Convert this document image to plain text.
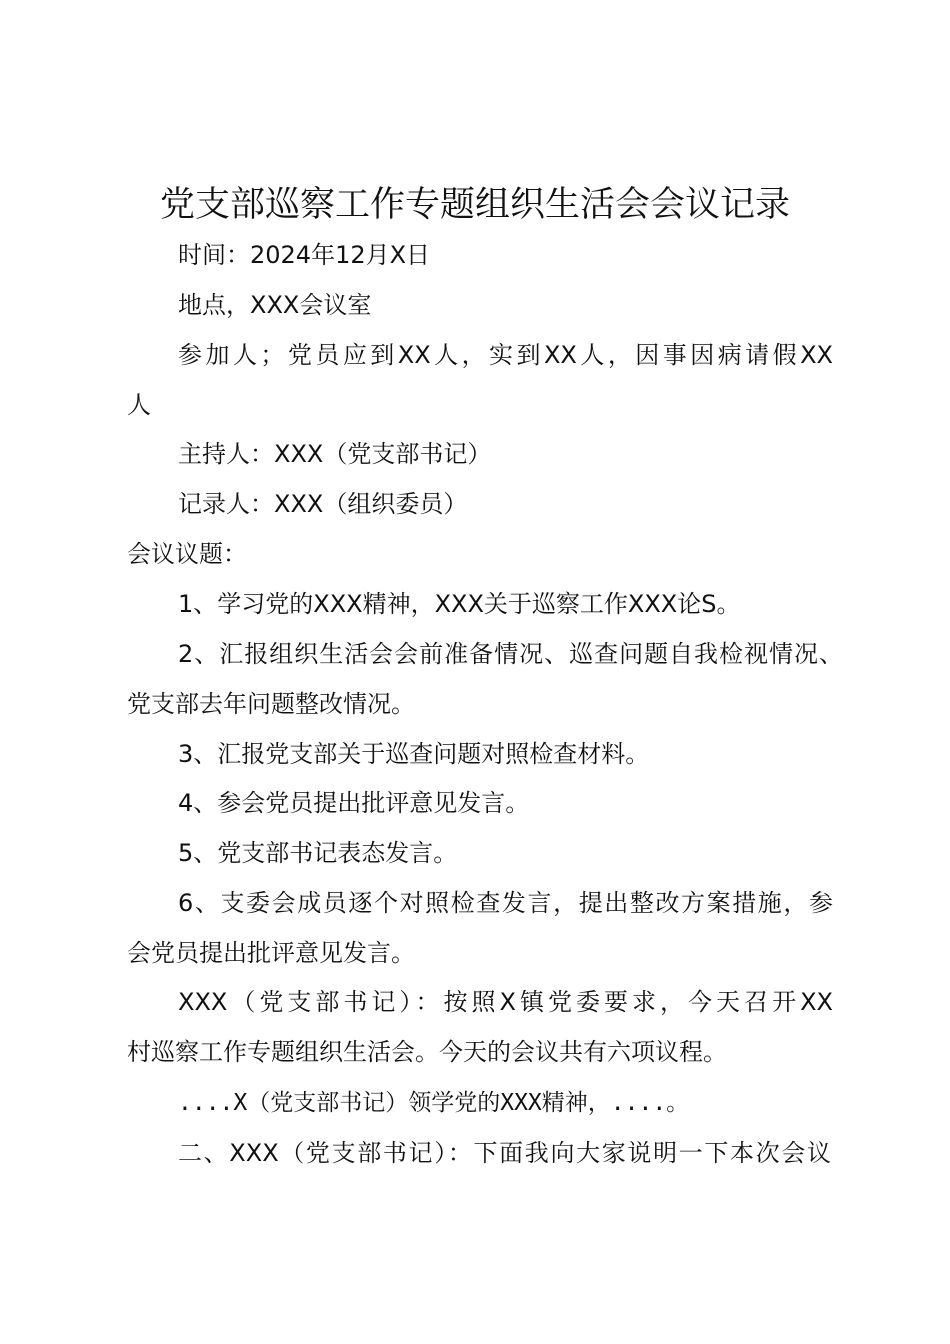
党支部巡察工作专题组织生活会会议记录
时间：2024年12月X日
地点，XXX会议室
参加人；党员应到XX人，实到XX人，因事因病请假XX
人
主持人：XXX（党支部书记）
记录人：XXX（组织委员）
会议议题：
1、学习党的XXX精神，XXX关于巡察工作XXX论S。
2、汇报组织生活会会前准备情况、巡查问题自我检视情况、
党支部去年问题整改情况。
3、汇报党支部关于巡查问题对照检查材料。
4、参会党员提出批评意见发言。
5、党支部书记表态发言。
6、支委会成员逐个对照检查发言，提出整改方案措施，参
会党员提出批评意见发言。
XXX（党支部书记）：按照X镇党委要求，今天召开XX
村巡察工作专题组织生活会。今天的会议共有六项议程。
....X（党支部书记）领学党的XXX精神，....。
二、XXX（党支部书记）：下面我向大家说明一下本次会议
